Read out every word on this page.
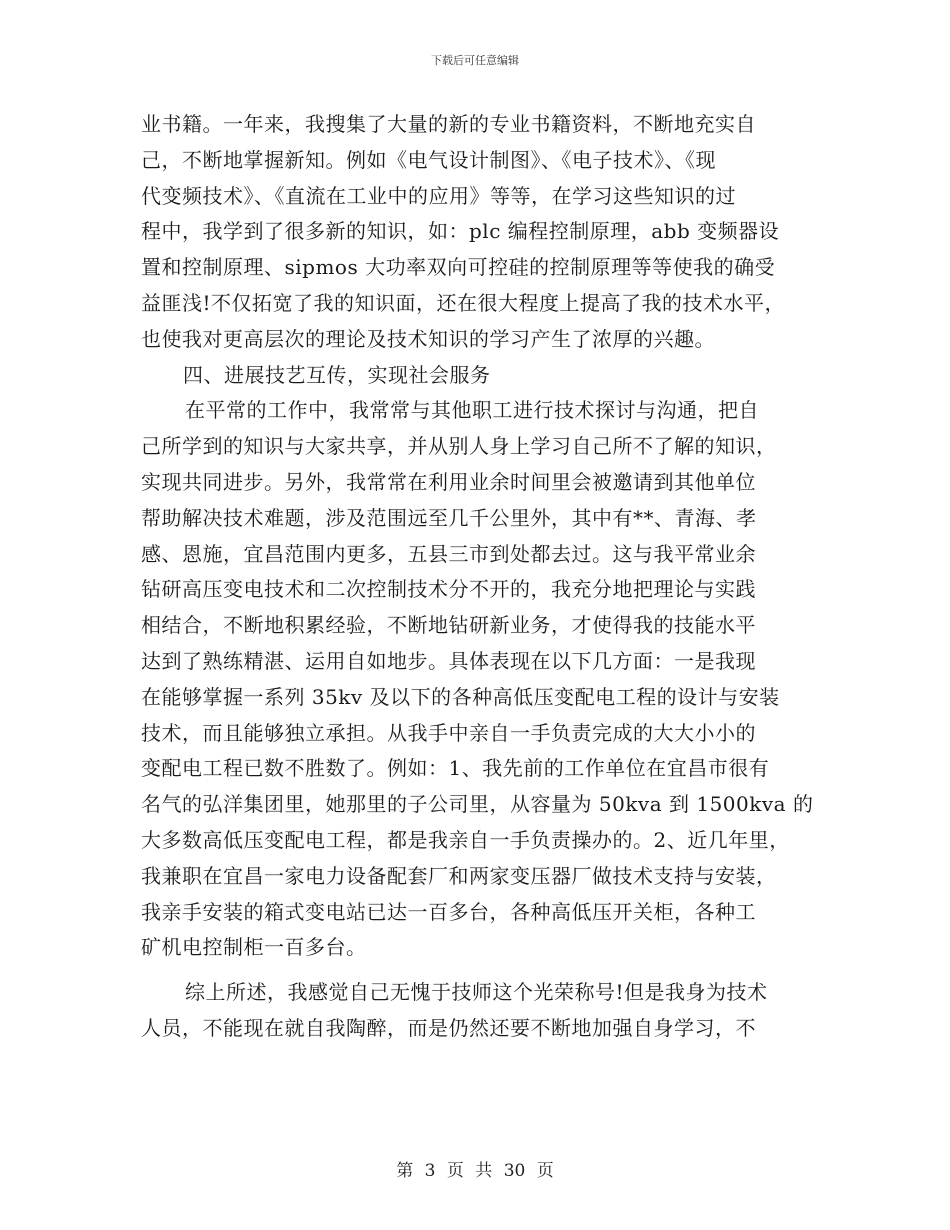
下载后可任意编辑
业书籍。一年来，我搜集了大量的新的专业书籍资料，不断地充实自
己，不断地掌握新知。例如《电气设计制图》、《电子技术》、《现
代变频技术》、《直流在工业中的应用》等等，在学习这些知识的过
程中，我学到了很多新的知识，如：plc 编程控制原理，abb 变频器设
置和控制原理、sipmos 大功率双向可控硅的控制原理等等使我的确受
益匪浅!不仅拓宽了我的知识面，还在很大程度上提高了我的技术水平，
也使我对更高层次的理论及技术知识的学习产生了浓厚的兴趣。
四、进展技艺互传，实现社会服务
在平常的工作中，我常常与其他职工进行技术探讨与沟通，把自
己所学到的知识与大家共享，并从别人身上学习自己所不了解的知识，
实现共同进步。另外，我常常在利用业余时间里会被邀请到其他单位
帮助解决技术难题，涉及范围远至几千公里外，其中有**、青海、孝
感、恩施，宜昌范围内更多，五县三市到处都去过。这与我平常业余
钻研高压变电技术和二次控制技术分不开的，我充分地把理论与实践
相结合，不断地积累经验，不断地钻研新业务，才使得我的技能水平
达到了熟练精湛、运用自如地步。具体表现在以下几方面：一是我现
在能够掌握一系列 35kv 及以下的各种高低压变配电工程的设计与安装
技术，而且能够独立承担。从我手中亲自一手负责完成的大大小小的
变配电工程已数不胜数了。例如：1、我先前的工作单位在宜昌市很有
名气的弘洋集团里，她那里的子公司里，从容量为 50kva 到 1500kva 的
大多数高低压变配电工程，都是我亲自一手负责操办的。2、近几年里，
我兼职在宜昌一家电力设备配套厂和两家变压器厂做技术支持与安装，
我亲手安装的箱式变电站已达一百多台，各种高低压开关柜，各种工
矿机电控制柜一百多台。
综上所述，我感觉自己无愧于技师这个光荣称号!但是我身为技术
人员，不能现在就自我陶醉，而是仍然还要不断地加强自身学习，不
第 3 页 共 30 页
